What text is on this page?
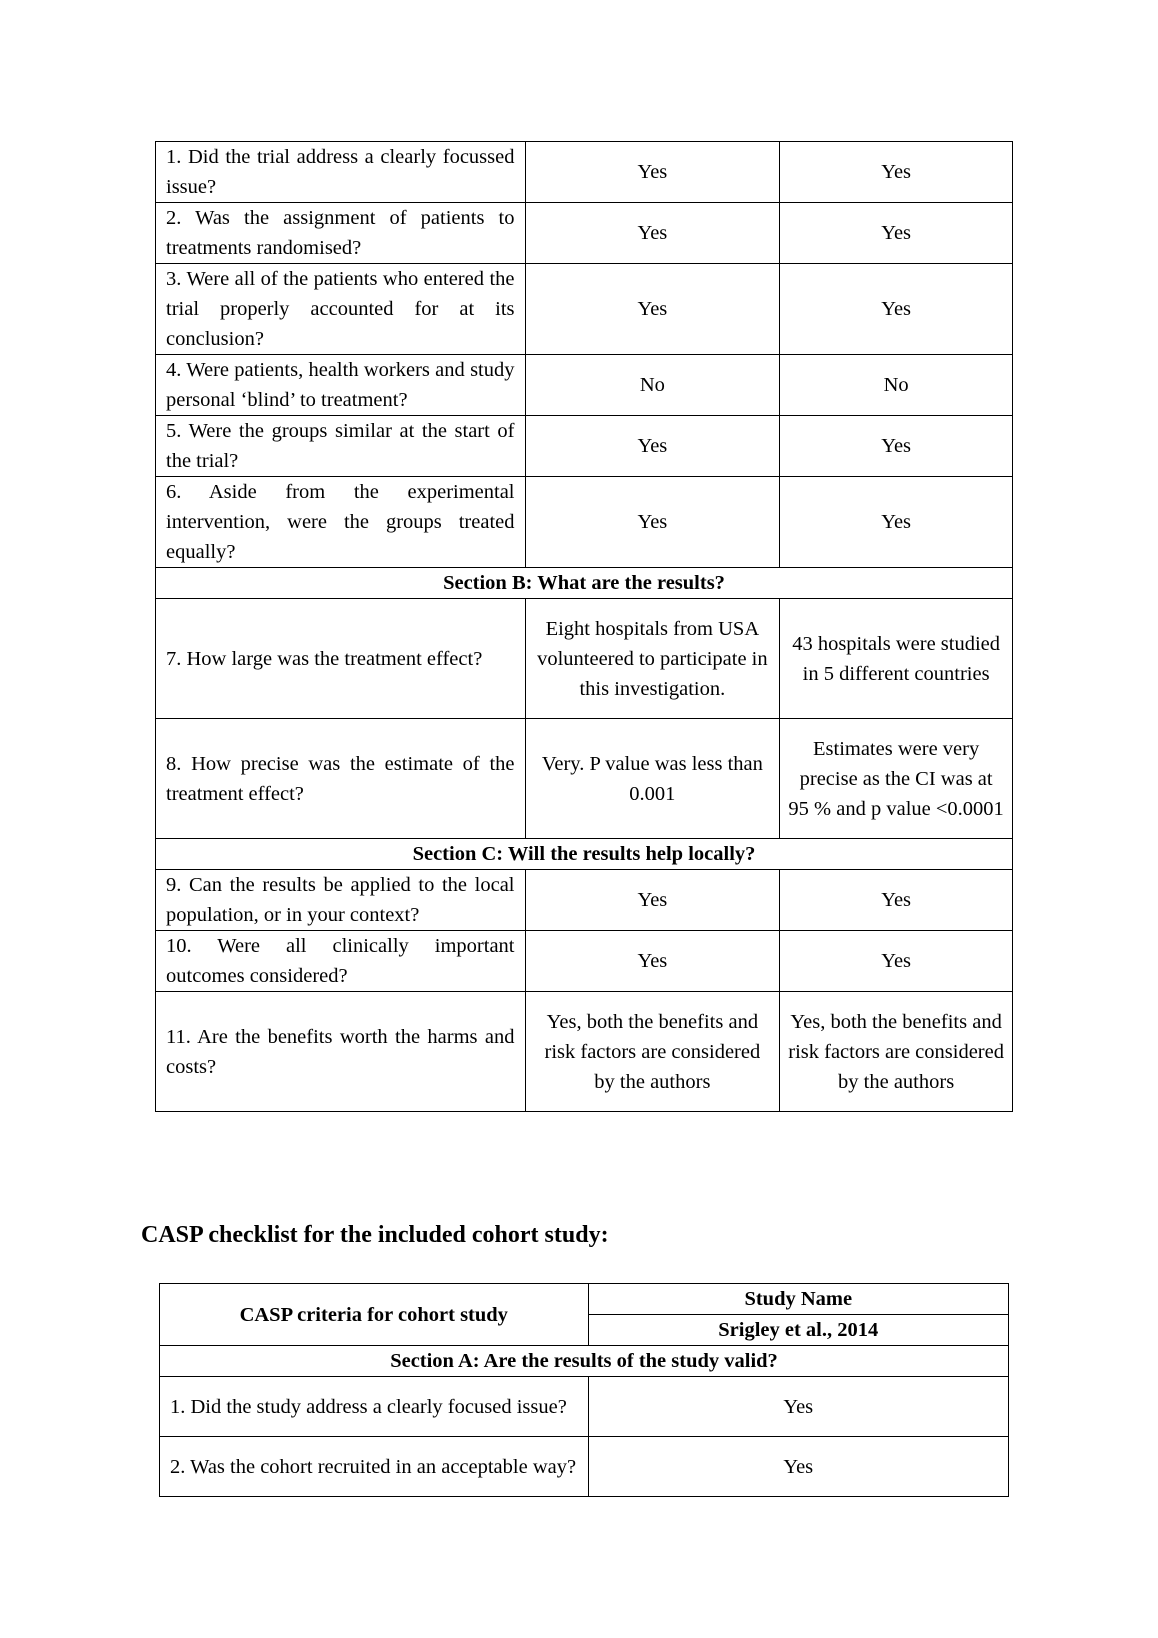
1. Did the trial address a clearly focussed issue?	Yes	Yes
2. Was the assignment of patients to treatments randomised?	Yes	Yes
3. Were all of the patients who entered the trial properly accounted for at its conclusion?	Yes	Yes
4. Were patients, health workers and study personal ‘blind’ to treatment?	No	No
5. Were the groups similar at the start of the trial?	Yes	Yes
6. Aside from the experimental intervention, were the groups treated equally?	Yes	Yes
Section B: What are the results?		
7. How large was the treatment effect?	Eight hospitals from USA volunteered to participate in this investigation.	43 hospitals were studied in 5 different countries
8. How precise was the estimate of the treatment effect?	Very. P value was less than 0.001	Estimates were very precise as the CI was at 95 % and p value <0.0001
Section C: Will the results help locally?		
9. Can the results be applied to the local population, or in your context?	Yes	Yes
10. Were all clinically important outcomes considered?	Yes	Yes
11. Are the benefits worth the harms and costs?	Yes, both the benefits and risk factors are considered by the authors	Yes, both the benefits and risk factors are considered by the authors
CASP checklist for the included cohort study:
CASP criteria for cohort study	Study Name
	Srigley et al., 2014
Section A: Are the results of the study valid?	
1. Did the study address a clearly focused issue?	Yes
2. Was the cohort recruited in an acceptable way?	Yes
